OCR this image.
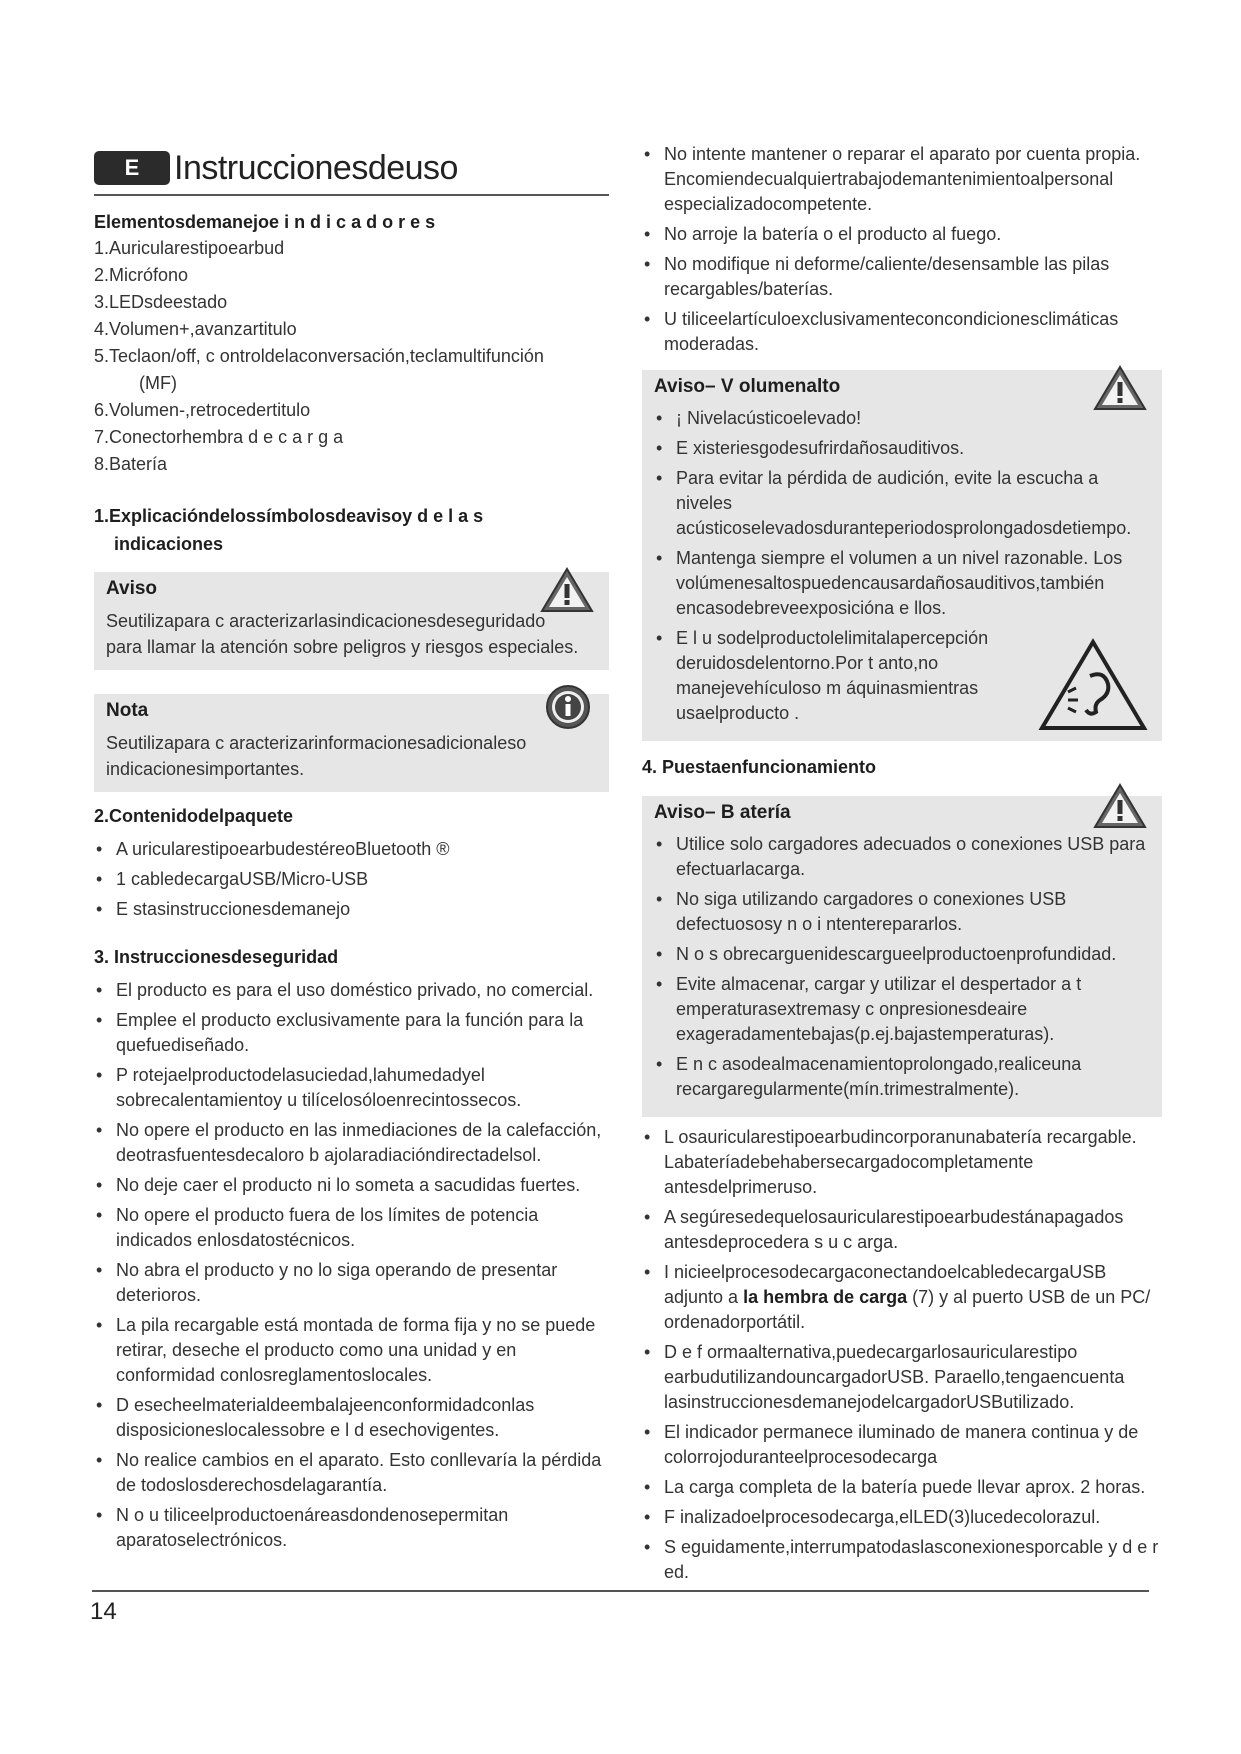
E	Instruccionesdeuso

Elementosdemanejoe i n d i c a d o r e s

1.Auricularestipoearbud
2.Micrófono
3.LEDsdeestado
4.Volumen+,avanzartitulo
5.Teclaon/off, c ontroldelaconversación,teclamultifunción
(MF)
6.Volumen-,retrocedertitulo
7.Conectorhembra d e c a r g a
8.Batería

1.Explicacióndelossímbolosdeavisoy d e l a s

indicaciones

Aviso
Seutilizapara c aracterizarlasindicacionesdeseguridado
para llamar la atención sobre peligros y riesgos especiales.
Nota
Seutilizapara c aracterizarinformacionesadicionaleso
indicacionesimportantes.

2.Contenidodelpaquete

• A uricularestipoearbudestéreoBluetooth ®
• 1 cabledecargaUSB/Micro-USB
• E stasinstruccionesdemanejo

3. Instruccionesdeseguridad

• El producto es para el uso doméstico privado, no comercial.
• Emplee el producto exclusivamente para la función para la quefuediseñado.
• P rotejaelproductodelasuciedad,lahumedadyel sobrecalentamientoy u tilícelosóloenrecintossecos.
• No opere el producto en las inmediaciones de la calefacción, deotrasfuentesdecaloro b ajolaradiacióndirectadelsol.
• No deje caer el producto ni lo someta a sacudidas fuertes.
• No opere el producto fuera de los límites de potencia indicados enlosdatostécnicos.
• No abra el producto y no lo siga operando de presentar deterioros.
• La pila recargable está montada de forma fija y no se puede retirar, deseche el producto como una unidad y en conformidad conlosreglamentoslocales.
• D esecheelmaterialdeembalajeenconformidadconlas disposicioneslocalessobre e l d esechovigentes.
• No realice cambios en el aparato. Esto conllevaría la pérdida de todoslosderechosdelagarantía.
• N o u tiliceelproductoenáreasdondenosepermitan aparatoselectrónicos.
• No intente mantener o reparar el aparato por cuenta propia. Encomiendecualquiertrabajodemantenimientoalpersonal especializadocompetente.
• No arroje la batería o el producto al fuego.
• No modifique ni deforme/caliente/desensamble las pilas recargables/baterías.
• U tiliceelartículoexclusivamenteconcondicionesclimáticas moderadas.
Aviso– V olumenalto
• ¡ Nivelacústicoelevado!
• E xisteriesgodesufrirdañosauditivos.
• Para evitar la pérdida de audición, evite la escucha a niveles acústicoselevadosduranteperiodosprolongadosdetiempo.
• Mantenga siempre el volumen a un nivel razonable. Los volúmenesaltospuedencausardañosauditivos,también encasodebreveexposicióna e llos.
• E l u sodelproductolelimitalapercepción deruidosdelentorno.Por t anto,no manejevehículoso m áquinasmientras usaelproducto .

4. Puestaenfuncionamiento

Aviso– B atería
• Utilice solo cargadores adecuados o conexiones USB para efectuarlacarga.
• No siga utilizando cargadores o conexiones USB defectuososy n o i ntenterepararlos.
• N o s obrecarguenidescargueelproductoenprofundidad.
• Evite almacenar, cargar y utilizar el despertador a t emperaturasextremasy c onpresionesdeaire exageradamentebajas(p.ej.bajastemperaturas).
• E n c asodealmacenamientoprolongado,realiceuna recargaregularmente(mín.trimestralmente).
• L osauricularestipoearbudincorporanunabatería recargable. Labateríadebehabersecargadocompletamente antesdelprimeruso.
• A segúresedequelosauricularestipoearbudestánapagados antesdeprocedera s u c arga.
• I nicieelprocesodecargaconectandoelcabledecargaUSB adjunto a la hembra de carga (7) y al puerto USB de un PC/ ordenadorportátil.
• D e f ormaalternativa,puedecargarlosauricularestipo earbudutilizandouncargadorUSB. Paraello,tengaencuenta lasinstruccionesdemanejodelcargadorUSButilizado.
• El indicador permanece iluminado de manera continua y de colorrojoduranteelprocesodecarga
• La carga completa de la batería puede llevar aprox. 2 horas.
• F inalizadoelprocesodecarga,elLED(3)lucedecolorazul.
• S eguidamente,interrumpatodaslasconexionesporcable y d e r ed.
14
